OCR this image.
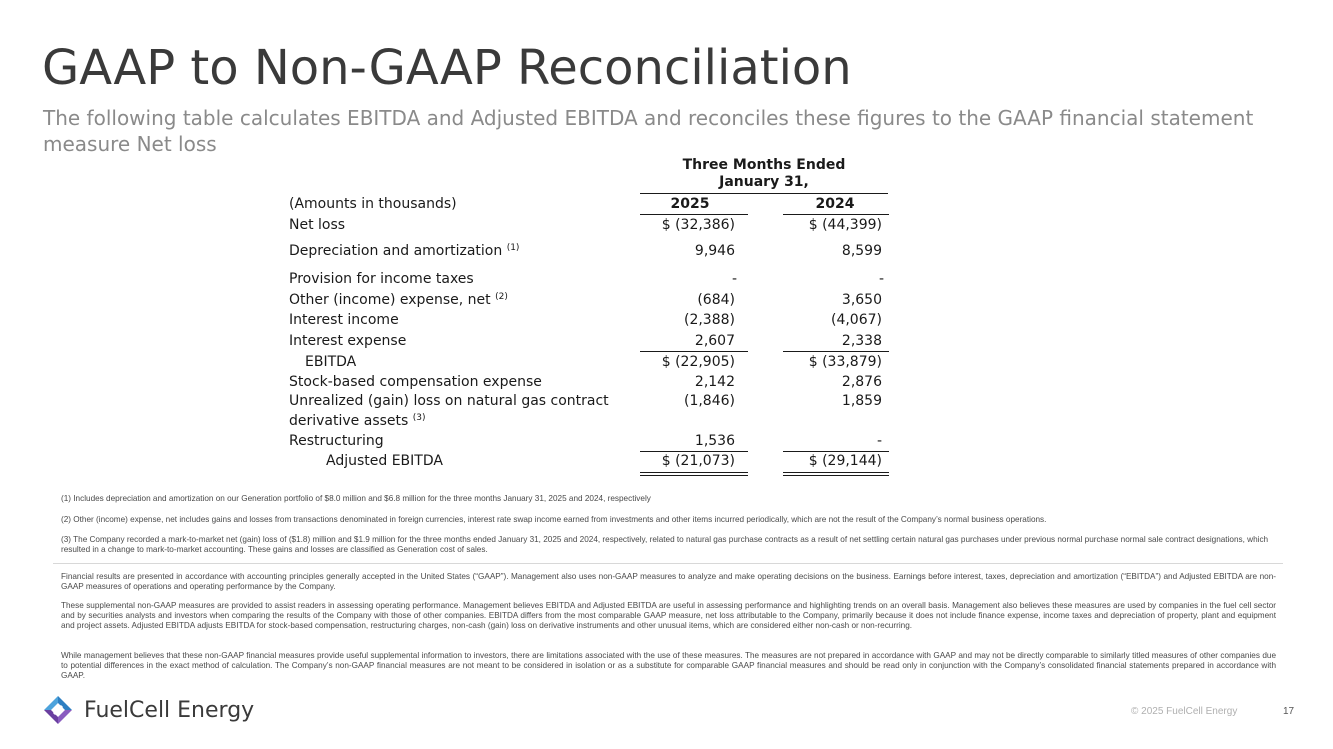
GAAP to Non-GAAP Reconciliation
The following table calculates EBITDA and Adjusted EBITDA and reconciles these figures to the GAAP financial statement measure Net loss
Three Months Ended
January 31,
(Amounts in thousands)	2025	2024
Net loss	$ (32,386)	$ (44,399)
Depreciation and amortization $^{(1)}$	9,946	8,599
Provision for income taxes	-	-
Other (income) expense, net $^{(2)}$	(684)	3,650
Interest income	(2,388)	(4,067)
Interest expense	2,607	2,338
EBITDA	$ (22,905)	$ (33,879)
Stock-based compensation expense	2,142	2,876
Unrealized (gain) loss on natural gas contract	(1,846)	1,859
derivative assets $^{(3)}$
Restructuring	1,536	-
Adjusted EBITDA	$ (21,073)	$ (29,144)
(1) Includes depreciation and amortization on our Generation portfolio of $8.0 million and $6.8 million for the three months January 31, 2025 and 2024, respectively
(2) Other (income) expense, net includes gains and losses from transactions denominated in foreign currencies, interest rate swap income earned from investments and other items incurred periodically, which are not the result of the Company’s normal business operations.
(3) The Company recorded a mark-to-market net (gain) loss of ($1.8) million and $1.9 million for the three months ended January 31, 2025 and 2024, respectively, related to natural gas purchase contracts as a result of net settling certain natural gas purchases under previous normal purchase normal sale contract designations, which resulted in a change to mark-to-market accounting. These gains and losses are classified as Generation cost of sales.
Financial results are presented in accordance with accounting principles generally accepted in the United States (“GAAP”). Management also uses non-GAAP measures to analyze and make operating decisions on the business. Earnings before interest, taxes, depreciation and amortization (“EBITDA”) and Adjusted EBITDA are non-GAAP measures of operations and operating performance by the Company.
These supplemental non-GAAP measures are provided to assist readers in assessing operating performance. Management believes EBITDA and Adjusted EBITDA are useful in assessing performance and highlighting trends on an overall basis. Management also believes these measures are used by companies in the fuel cell sector and by securities analysts and investors when comparing the results of the Company with those of other companies. EBITDA differs from the most comparable GAAP measure, net loss attributable to the Company, primarily because it does not include finance expense, income taxes and depreciation of property, plant and equipment and project assets. Adjusted EBITDA adjusts EBITDA for stock-based compensation, restructuring charges, non-cash (gain) loss on derivative instruments and other unusual items, which are considered either non-cash or non-recurring.
While management believes that these non-GAAP financial measures provide useful supplemental information to investors, there are limitations associated with the use of these measures. The measures are not prepared in accordance with GAAP and may not be directly comparable to similarly titled measures of other companies due to potential differences in the exact method of calculation. The Company’s non-GAAP financial measures are not meant to be considered in isolation or as a substitute for comparable GAAP financial measures and should be read only in conjunction with the Company’s consolidated financial statements prepared in accordance with GAAP.
FuelCell Energy	© 2025 FuelCell Energy	17
